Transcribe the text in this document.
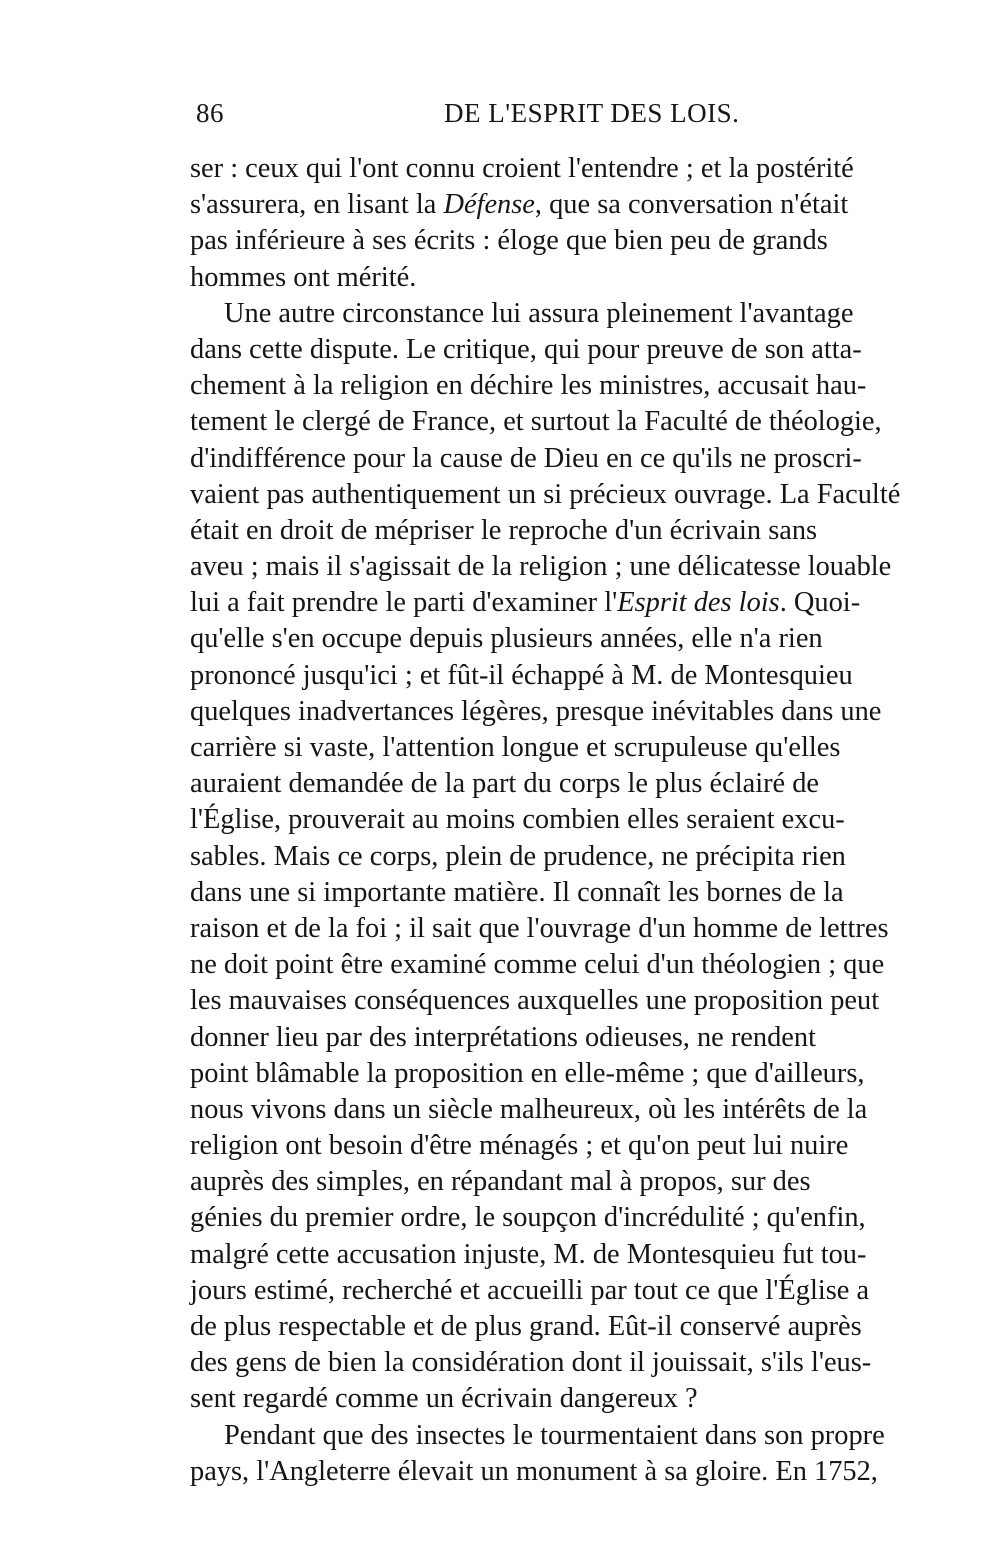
86	DE L'ESPRIT DES LOIS.
ser : ceux qui l'ont connu croient l'entendre ; et la postérité
s'assurera, en lisant la Défense, que sa conversation n'était
pas inférieure à ses écrits : éloge que bien peu de grands
hommes ont mérité.
Une autre circonstance lui assura pleinement l'avantage
dans cette dispute. Le critique, qui pour preuve de son atta-
chement à la religion en déchire les ministres, accusait hau-
tement le clergé de France, et surtout la Faculté de théologie,
d'indifférence pour la cause de Dieu en ce qu'ils ne proscri-
vaient pas authentiquement un si précieux ouvrage. La Faculté
était en droit de mépriser le reproche d'un écrivain sans
aveu ; mais il s'agissait de la religion ; une délicatesse louable
lui a fait prendre le parti d'examiner l'Esprit des lois. Quoi-
qu'elle s'en occupe depuis plusieurs années, elle n'a rien
prononcé jusqu'ici ; et fût-il échappé à M. de Montesquieu
quelques inadvertances légères, presque inévitables dans une
carrière si vaste, l'attention longue et scrupuleuse qu'elles
auraient demandée de la part du corps le plus éclairé de
l'Église, prouverait au moins combien elles seraient excu-
sables. Mais ce corps, plein de prudence, ne précipita rien
dans une si importante matière. Il connaît les bornes de la
raison et de la foi ; il sait que l'ouvrage d'un homme de lettres
ne doit point être examiné comme celui d'un théologien ; que
les mauvaises conséquences auxquelles une proposition peut
donner lieu par des interprétations odieuses, ne rendent
point blâmable la proposition en elle-même ; que d'ailleurs,
nous vivons dans un siècle malheureux, où les intérêts de la
religion ont besoin d'être ménagés ; et qu'on peut lui nuire
auprès des simples, en répandant mal à propos, sur des
génies du premier ordre, le soupçon d'incrédulité ; qu'enfin,
malgré cette accusation injuste, M. de Montesquieu fut tou-
jours estimé, recherché et accueilli par tout ce que l'Église a
de plus respectable et de plus grand. Eût-il conservé auprès
des gens de bien la considération dont il jouissait, s'ils l'eus-
sent regardé comme un écrivain dangereux ?
Pendant que des insectes le tourmentaient dans son propre
pays, l'Angleterre élevait un monument à sa gloire. En 1752,
